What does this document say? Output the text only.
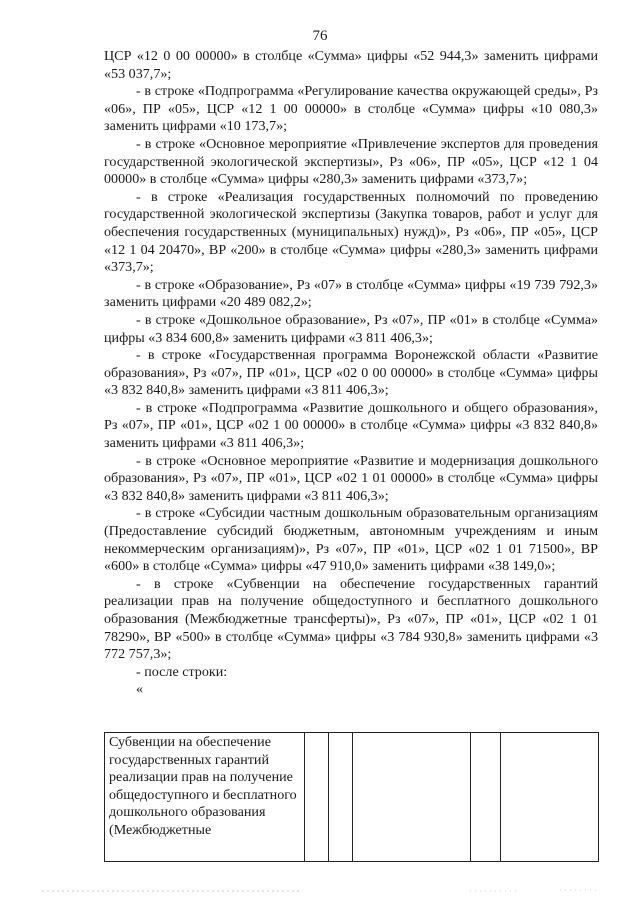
76

ЦСР «12 0 00 00000» в столбце «Сумма» цифры «52 944,3» заменить цифрами «53 037,7»;

- в строке «Подпрограмма «Регулирование качества окружающей среды», Рз «06», ПР «05», ЦСР «12 1 00 00000» в столбце «Сумма» цифры «10 080,3» заменить цифрами «10 173,7»;

- в строке «Основное мероприятие «Привлечение экспертов для проведения государственной экологической экспертизы», Рз «06», ПР «05», ЦСР «12 1 04 00000» в столбце «Сумма» цифры «280,3» заменить цифрами «373,7»;

- в строке «Реализация государственных полномочий по проведению государственной экологической экспертизы (Закупка товаров, работ и услуг для обеспечения государственных (муниципальных) нужд)», Рз «06», ПР «05», ЦСР «12 1 04 20470», ВР «200» в столбце «Сумма» цифры «280,3» заменить цифрами «373,7»;

- в строке «Образование», Рз «07» в столбце «Сумма» цифры «19 739 792,3» заменить цифрами «20 489 082,2»;

- в строке «Дошкольное образование», Рз «07», ПР «01» в столбце «Сумма» цифры «3 834 600,8» заменить цифрами «3 811 406,3»;

- в строке «Государственная программа Воронежской области «Развитие образования», Рз «07», ПР «01», ЦСР «02 0 00 00000» в столбце «Сумма» цифры «3 832 840,8» заменить цифрами «3 811 406,3»;

- в строке «Подпрограмма «Развитие дошкольного и общего образования», Рз «07», ПР «01», ЦСР «02 1 00 00000» в столбце «Сумма» цифры «3 832 840,8» заменить цифрами «3 811 406,3»;

- в строке «Основное мероприятие «Развитие и модернизация дошкольного образования», Рз «07», ПР «01», ЦСР «02 1 01 00000» в столбце «Сумма» цифры «3 832 840,8» заменить цифрами «3 811 406,3»;

- в строке «Субсидии частным дошкольным образовательным организациям (Предоставление субсидий бюджетным, автономным учреждениям и иным некоммерческим организациям)», Рз «07», ПР «01», ЦСР «02 1 01 71500», ВР «600» в столбце «Сумма» цифры «47 910,0» заменить цифрами «38 149,0»;

- в строке «Субвенции на обеспечение государственных гарантий реализации прав на получение общедоступного и бесплатного дошкольного образования (Межбюджетные трансферты)», Рз «07», ПР «01», ЦСР «02 1 01 78290», ВР «500» в столбце «Сумма» цифры «3 784 930,8» заменить цифрами «3 772 757,3»;

- после строки:

«

Субвенции на обеспечение государственных гарантий реализации прав на получение общедоступного и бесплатного дошкольного образования (Межбюджетные
